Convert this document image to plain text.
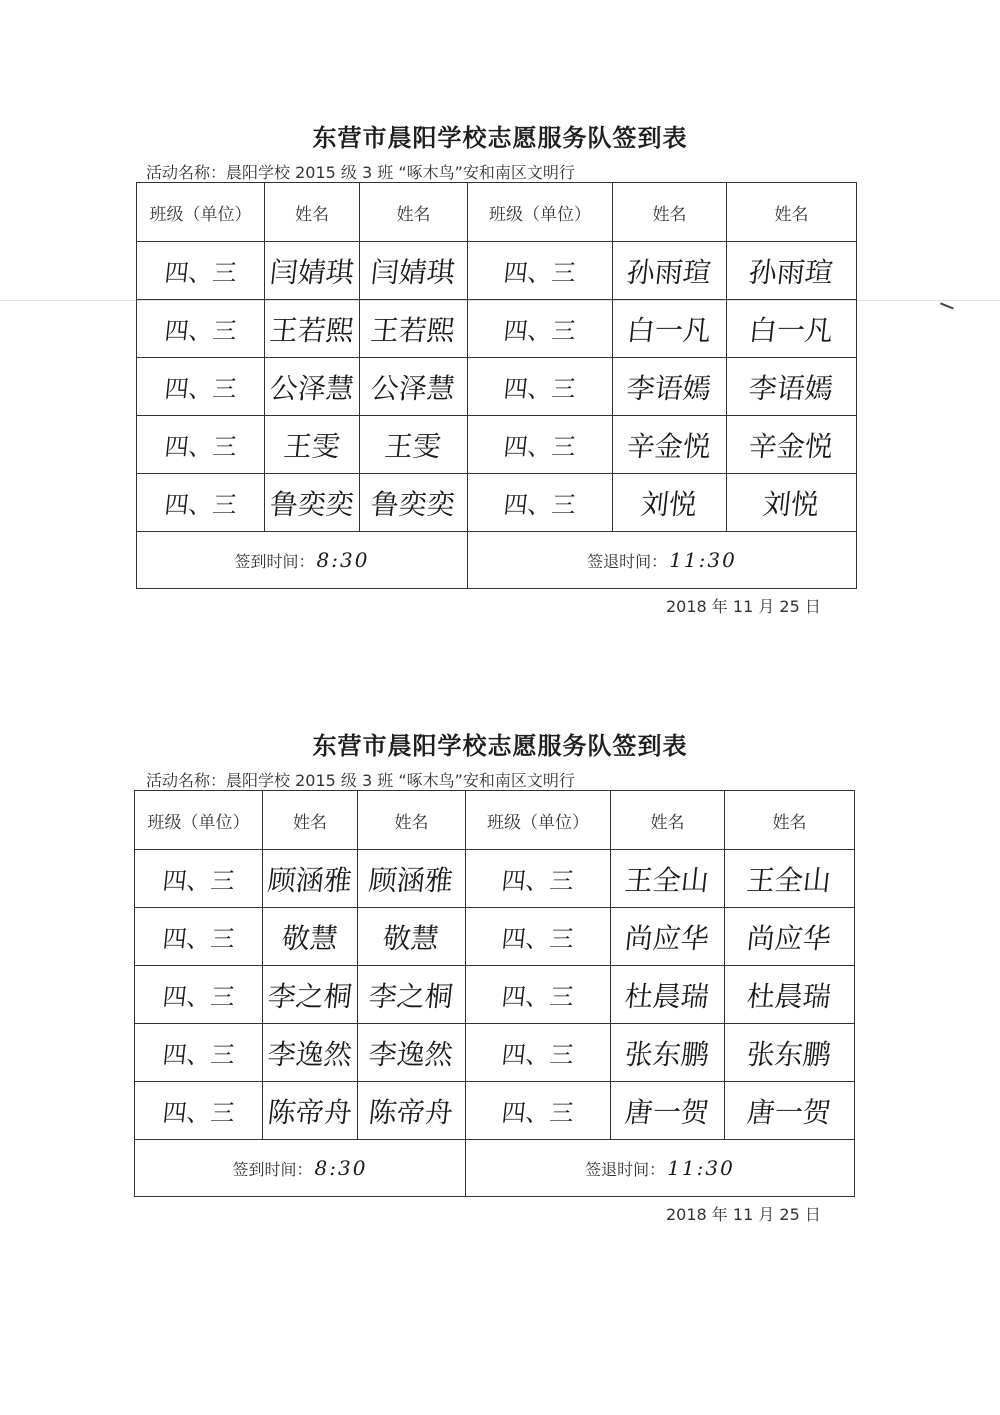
东营市晨阳学校志愿服务队签到表
活动名称：晨阳学校 2015 级 3 班 “啄木鸟”安和南区文明行
班级（单位）	姓名	姓名	班级（单位）	姓名	姓名
四、三	闫婧琪	闫婧琪	四、三	孙雨瑄	孙雨瑄
四、三	王若熙	王若熙	四、三	白一凡	白一凡
四、三	公泽慧	公泽慧	四、三	李语嫣	李语嫣
四、三	王雯	王雯	四、三	辛金悦	辛金悦
四、三	鲁奕奕	鲁奕奕	四、三	刘悦	刘悦
签到时间： 8:30			签退时间： 11:30		
2018 年 11 月 25 日
东营市晨阳学校志愿服务队签到表
活动名称：晨阳学校 2015 级 3 班 “啄木鸟”安和南区文明行
班级（单位）	姓名	姓名	班级（单位）	姓名	姓名
四、三	顾涵雅	顾涵雅	四、三	王全山	王全山
四、三	敬慧	敬慧	四、三	尚应华	尚应华
四、三	李之桐	李之桐	四、三	杜晨瑞	杜晨瑞
四、三	李逸然	李逸然	四、三	张东鹏	张东鹏
四、三	陈帝舟	陈帝舟	四、三	唐一贺	唐一贺
签到时间： 8:30			签退时间： 11:30		
2018 年 11 月 25 日
